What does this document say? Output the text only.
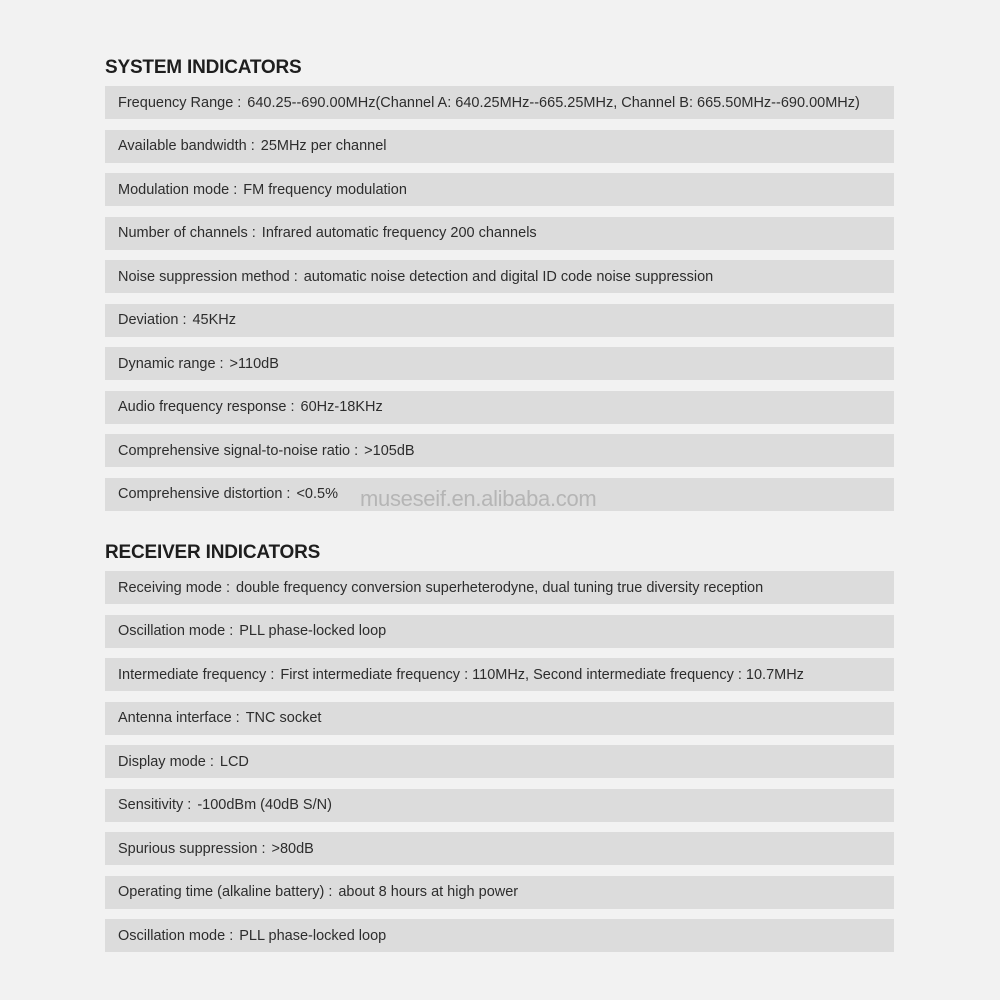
SYSTEM INDICATORS
Frequency Range : 640.25--690.00MHz(Channel A: 640.25MHz--665.25MHz, Channel B: 665.50MHz--690.00MHz)
Available bandwidth : 25MHz per channel
Modulation mode : FM frequency modulation
Number of channels : Infrared automatic frequency 200 channels
Noise suppression method : automatic noise detection and digital ID code noise suppression
Deviation : 45KHz
Dynamic range : >110dB
Audio frequency response : 60Hz-18KHz
Comprehensive signal-to-noise ratio : >105dB
Comprehensive distortion : <0.5%
RECEIVER INDICATORS
Receiving mode : double frequency conversion superheterodyne, dual tuning true diversity reception
Oscillation mode : PLL phase-locked loop
Intermediate frequency : First intermediate frequency : 110MHz, Second intermediate frequency : 10.7MHz
Antenna interface : TNC socket
Display mode : LCD
Sensitivity : -100dBm (40dB S/N)
Spurious suppression : >80dB
Operating time (alkaline battery) : about 8 hours at high power
Oscillation mode : PLL phase-locked loop
museseif.en.alibaba.com
